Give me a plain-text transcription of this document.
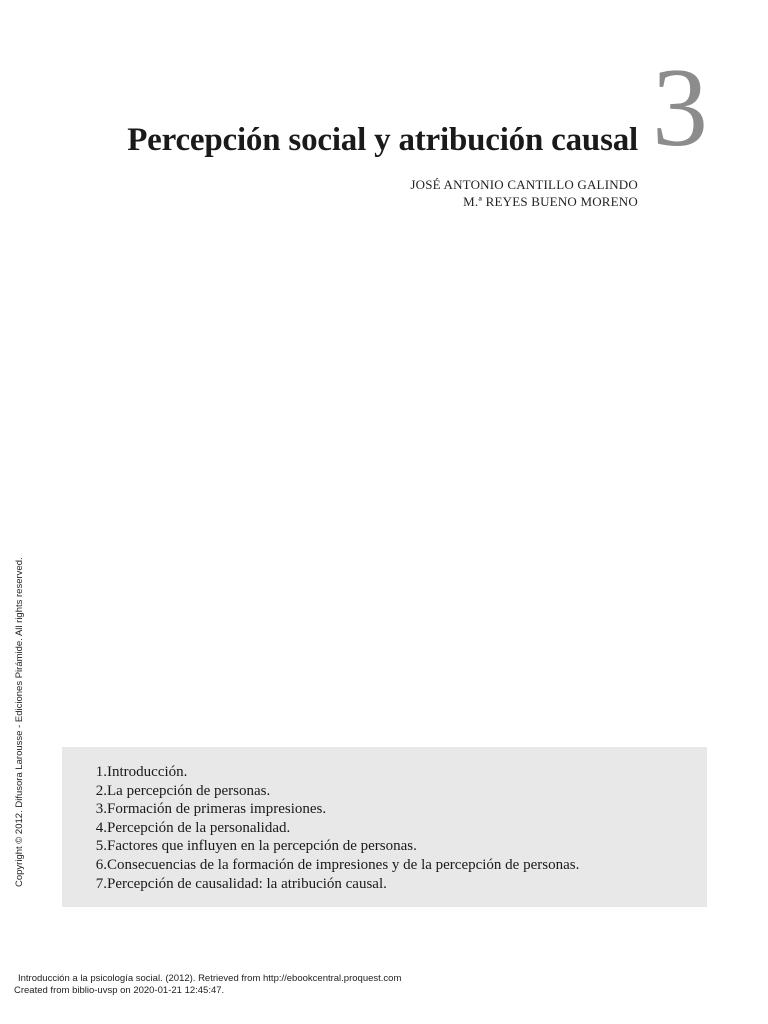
3
Percepción social y atribución causal
JOSÉ ANTONIO CANTILLO GALINDO
M.ª REYES BUENO MORENO
Copyright © 2012. Difusora Larousse - Ediciones Pirámide. All rights reserved.	1. Introducción.
2. La percepción de personas.
3. Formación de primeras impresiones.
4. Percepción de la personalidad.
5. Factores que influyen en la percepción de personas.
6. Consecuencias de la formación de impresiones y de la percepción de personas.
7. Percepción de causalidad: la atribución causal.
Introducción a la psicología social. (2012). Retrieved from http://ebookcentral.proquest.com
Created from biblio-uvsp on 2020-01-21 12:45:47.
